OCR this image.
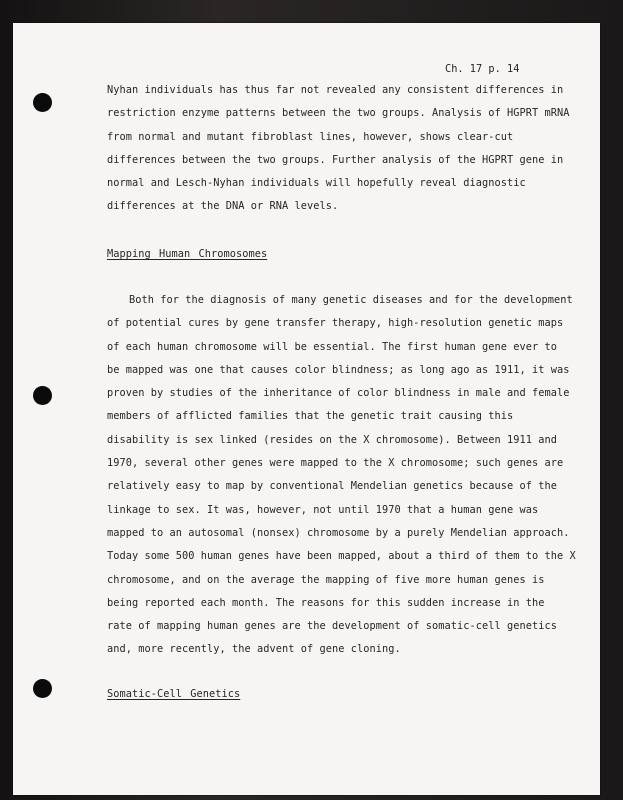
Ch. 17 p. 14
Nyhan individuals has thus far not revealed any consistent differences in
restriction enzyme patterns between the two groups. Analysis of HGPRT mRNA
from normal and mutant fibroblast lines, however, shows clear-cut
differences between the two groups. Further analysis of the HGPRT gene in
normal and Lesch-Nyhan individuals will hopefully reveal diagnostic
differences at the DNA or RNA levels.
Mapping Human Chromosomes
Both for the diagnosis of many genetic diseases and for the development
of potential cures by gene transfer therapy, high-resolution genetic maps
of each human chromosome will be essential. The first human gene ever to
be mapped was one that causes color blindness; as long ago as 1911, it was
proven by studies of the inheritance of color blindness in male and female
members of afflicted families that the genetic trait causing this
disability is sex linked (resides on the X chromosome). Between 1911 and
1970, several other genes were mapped to the X chromosome; such genes are
relatively easy to map by conventional Mendelian genetics because of the
linkage to sex. It was, however, not until 1970 that a human gene was
mapped to an autosomal (nonsex) chromosome by a purely Mendelian approach.
Today some 500 human genes have been mapped, about a third of them to the X
chromosome, and on the average the mapping of five more human genes is
being reported each month. The reasons for this sudden increase in the
rate of mapping human genes are the development of somatic-cell genetics
and, more recently, the advent of gene cloning.
Somatic-Cell Genetics
